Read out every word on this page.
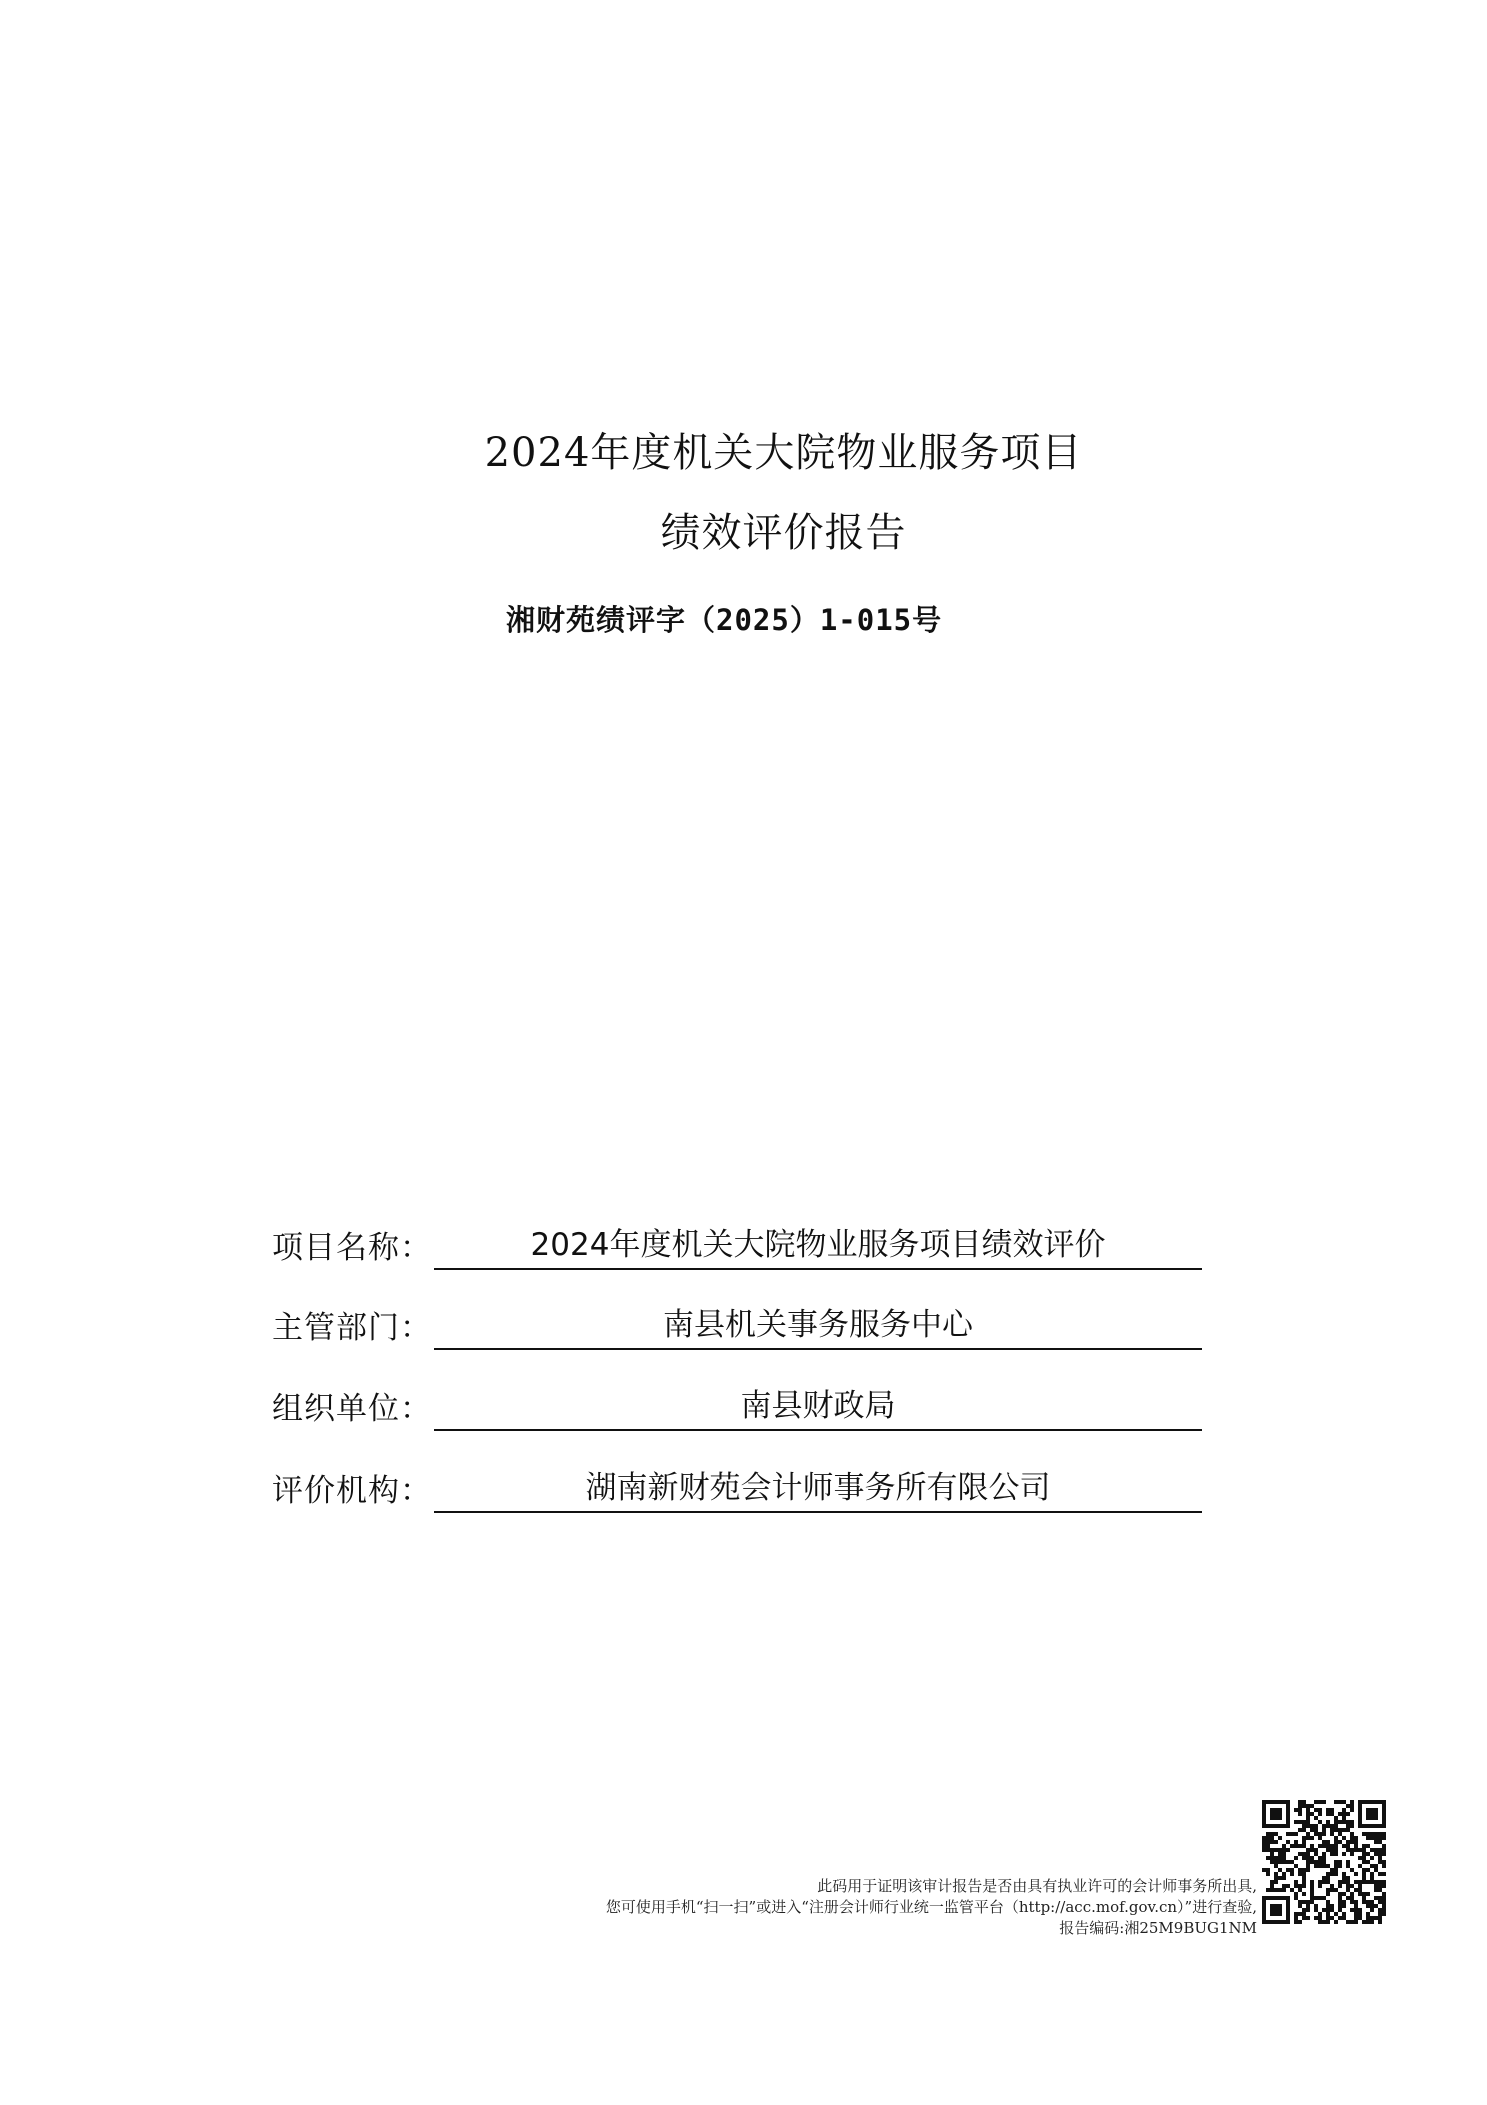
2024年度机关大院物业服务项目
绩效评价报告
湘财苑绩评字（2025）1-015号
项目名称：	2024年度机关大院物业服务项目绩效评价
主管部门：	南县机关事务服务中心
组织单位：	南县财政局
评价机构：	湖南新财苑会计师事务所有限公司
此码用于证明该审计报告是否由具有执业许可的会计师事务所出具,
您可使用手机“扫一扫”或进入“注册会计师行业统一监管平台（http://acc.mof.gov.cn）”进行查验,
报告编码:湘25M9BUG1NM
